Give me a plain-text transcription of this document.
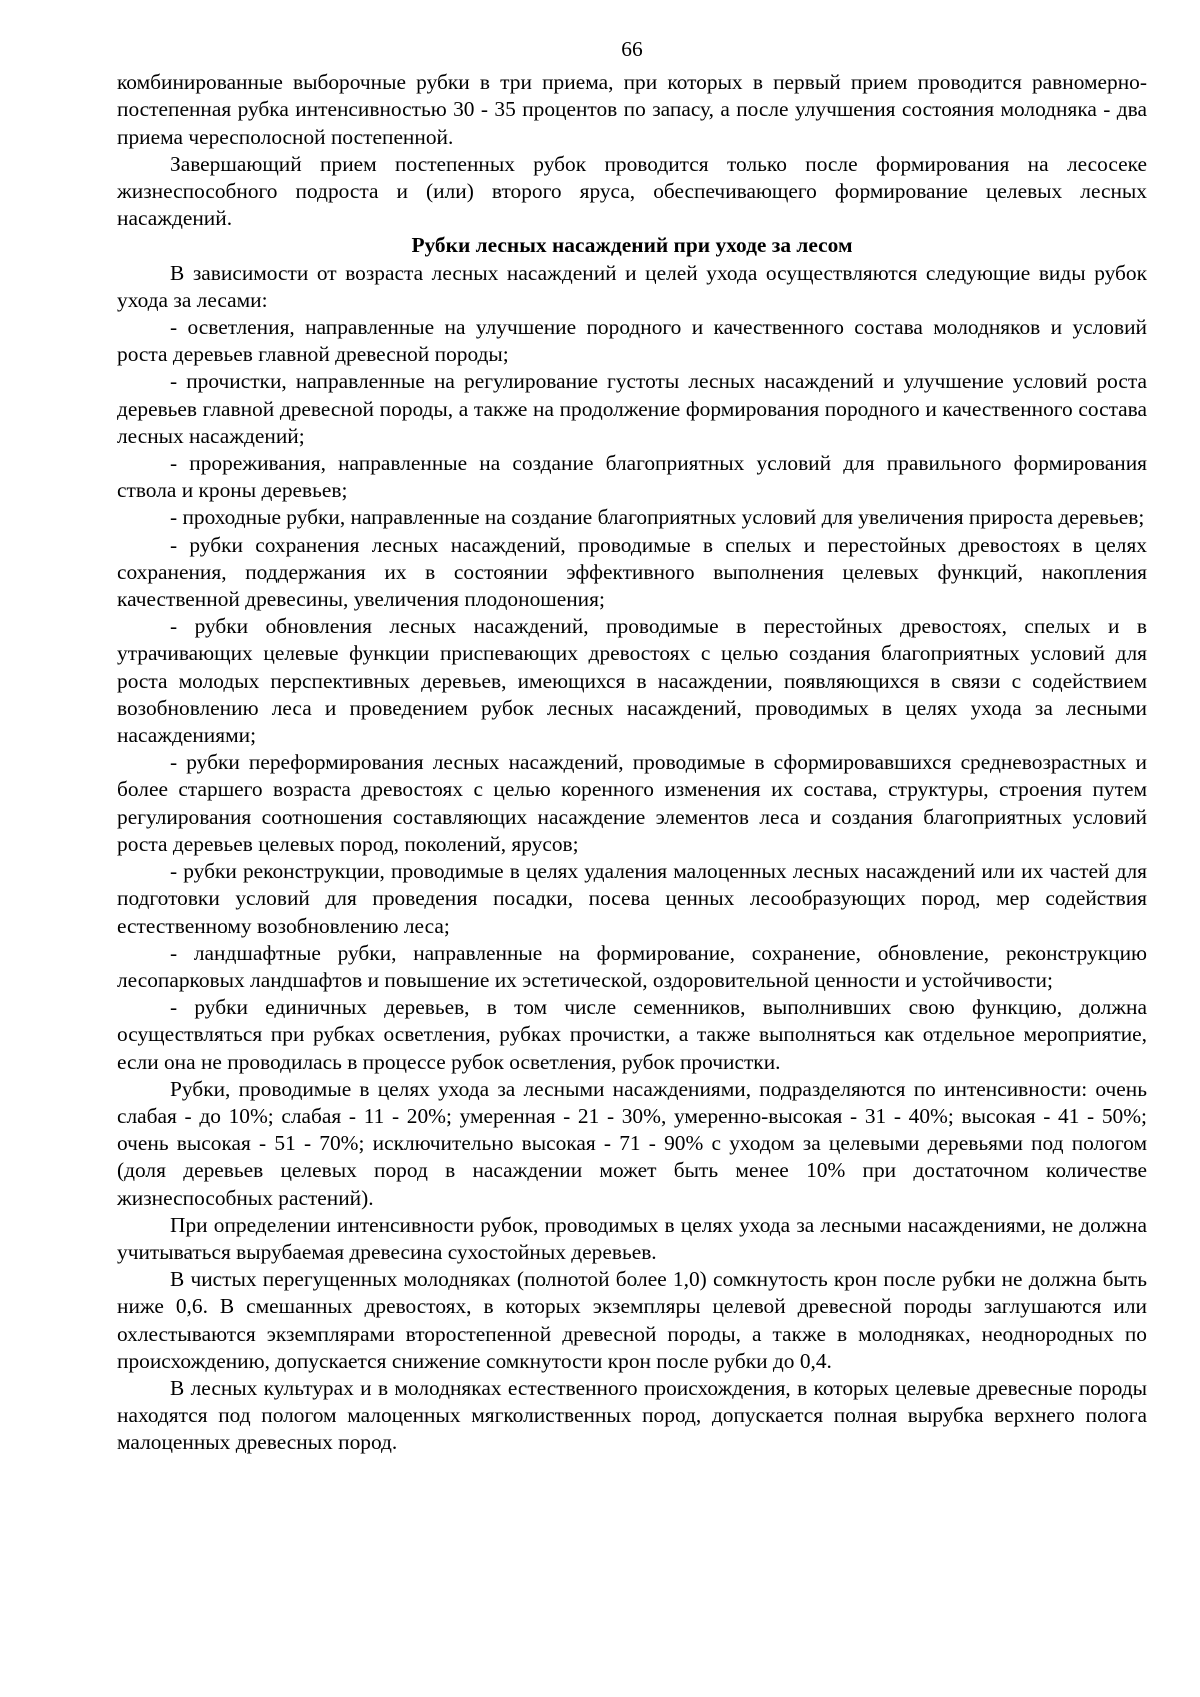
66

комбинированные выборочные рубки в три приема, при которых в первый прием проводится равномерно-постепенная рубка интенсивностью 30 - 35 процентов по запасу, а после улучшения состояния молодняка - два приема чересполосной постепенной.

Завершающий прием постепенных рубок проводится только после формирования на лесосеке жизнеспособного подроста и (или) второго яруса, обеспечивающего формирование целевых лесных насаждений.

Рубки лесных насаждений при уходе за лесом

В зависимости от возраста лесных насаждений и целей ухода осуществляются следующие виды рубок ухода за лесами:

- осветления, направленные на улучшение породного и качественного состава молодняков и условий роста деревьев главной древесной породы;

- прочистки, направленные на регулирование густоты лесных насаждений и улучшение условий роста деревьев главной древесной породы, а также на продолжение формирования породного и качественного состава лесных насаждений;

- прореживания, направленные на создание благоприятных условий для правильного формирования ствола и кроны деревьев;

- проходные рубки, направленные на создание благоприятных условий для увеличения прироста деревьев;

- рубки сохранения лесных насаждений, проводимые в спелых и перестойных древостоях в целях сохранения, поддержания их в состоянии эффективного выполнения целевых функций, накопления качественной древесины, увеличения плодоношения;

- рубки обновления лесных насаждений, проводимые в перестойных древостоях, спелых и в утрачивающих целевые функции приспевающих древостоях с целью создания благоприятных условий для роста молодых перспективных деревьев, имеющихся в насаждении, появляющихся в связи с содействием возобновлению леса и проведением рубок лесных насаждений, проводимых в целях ухода за лесными насаждениями;

- рубки переформирования лесных насаждений, проводимые в сформировавшихся средневозрастных и более старшего возраста древостоях с целью коренного изменения их состава, структуры, строения путем регулирования соотношения составляющих насаждение элементов леса и создания благоприятных условий роста деревьев целевых пород, поколений, ярусов;

- рубки реконструкции, проводимые в целях удаления малоценных лесных насаждений или их частей для подготовки условий для проведения посадки, посева ценных лесообразующих пород, мер содействия естественному возобновлению леса;

- ландшафтные рубки, направленные на формирование, сохранение, обновление, реконструкцию лесопарковых ландшафтов и повышение их эстетической, оздоровительной ценности и устойчивости;

- рубки единичных деревьев, в том числе семенников, выполнивших свою функцию, должна осуществляться при рубках осветления, рубках прочистки, а также выполняться как отдельное мероприятие, если она не проводилась в процессе рубок осветления, рубок прочистки.

Рубки, проводимые в целях ухода за лесными насаждениями, подразделяются по интенсивности: очень слабая - до 10%; слабая - 11 - 20%; умеренная - 21 - 30%, умеренно-высокая - 31 - 40%; высокая - 41 - 50%; очень высокая - 51 - 70%; исключительно высокая - 71 - 90% с уходом за целевыми деревьями под пологом (доля деревьев целевых пород в насаждении может быть менее 10% при достаточном количестве жизнеспособных растений).

При определении интенсивности рубок, проводимых в целях ухода за лесными насаждениями, не должна учитываться вырубаемая древесина сухостойных деревьев.

В чистых перегущенных молодняках (полнотой более 1,0) сомкнутость крон после рубки не должна быть ниже 0,6. В смешанных древостоях, в которых экземпляры целевой древесной породы заглушаются или охлестываются экземплярами второстепенной древесной породы, а также в молодняках, неоднородных по происхождению, допускается снижение сомкнутости крон после рубки до 0,4.

В лесных культурах и в молодняках естественного происхождения, в которых целевые древесные породы находятся под пологом малоценных мягколиственных пород, допускается полная вырубка верхнего полога малоценных древесных пород.
